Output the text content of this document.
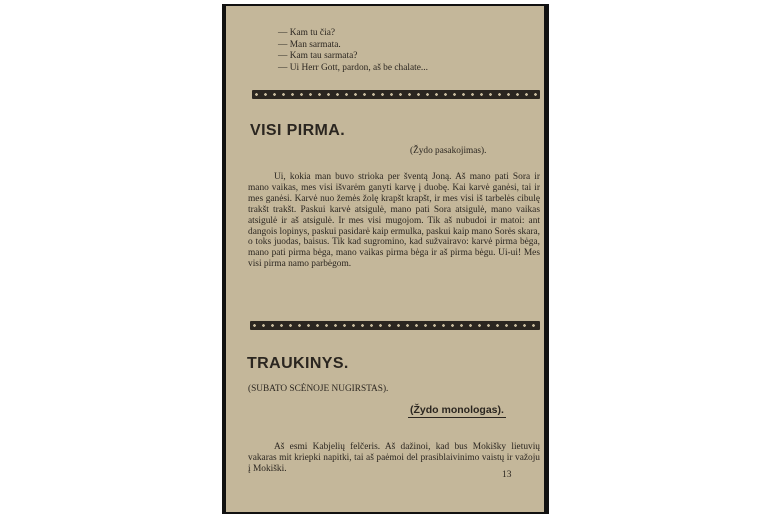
— Kam tu čia?
— Man sarmata.
— Kam tau sarmata?
— Ui Herr Gott, pardon, aš be chalate...
VISI PIRMA.
(Žydo pasakojimas).
Ui, kokia man buvo strioka per šventą Joną. Aš mano pati Sora ir mano vaikas, mes visi išvarėm ganyti karvę į duobę. Kai karvė ganėsi, tai ir mes ganėsi. Karvė nuo žemės žolę krapšt krapšt, ir mes visi iš tarbelės cibulę trakšt trakšt. Paskui karvė atsigulė, mano pati Sora atsigulė, mano vaikas atsigulė ir aš atsigulė. Ir mes visi mugojom. Tik aš nubudoi ir matoi: ant dangois lopinys, paskui pasidarė kaip ermulka, paskui kaip mano Sorės skara, o toks juodas, baisus. Tik kad sugrominо, kad sužvairavo: karvė pirma bėga, mano pati pirma bėga, mano vaikas pirma bėga ir aš pirma bėgu. Ui-ui! Mes visi pirma namo parbėgom.
TRAUKINYS.
(SUBATO SCĖNOJE NUGIRSTAS).
(Žydo monologas).
Aš esmi Kabjelių felčeris. Aš dažinoi, kad bus Mokišky lietuvių vakaras mit kriepki napitki, tai aš pаėmoi del prasiblaivinimo vaistų ir važoju į Mokiški.
13
